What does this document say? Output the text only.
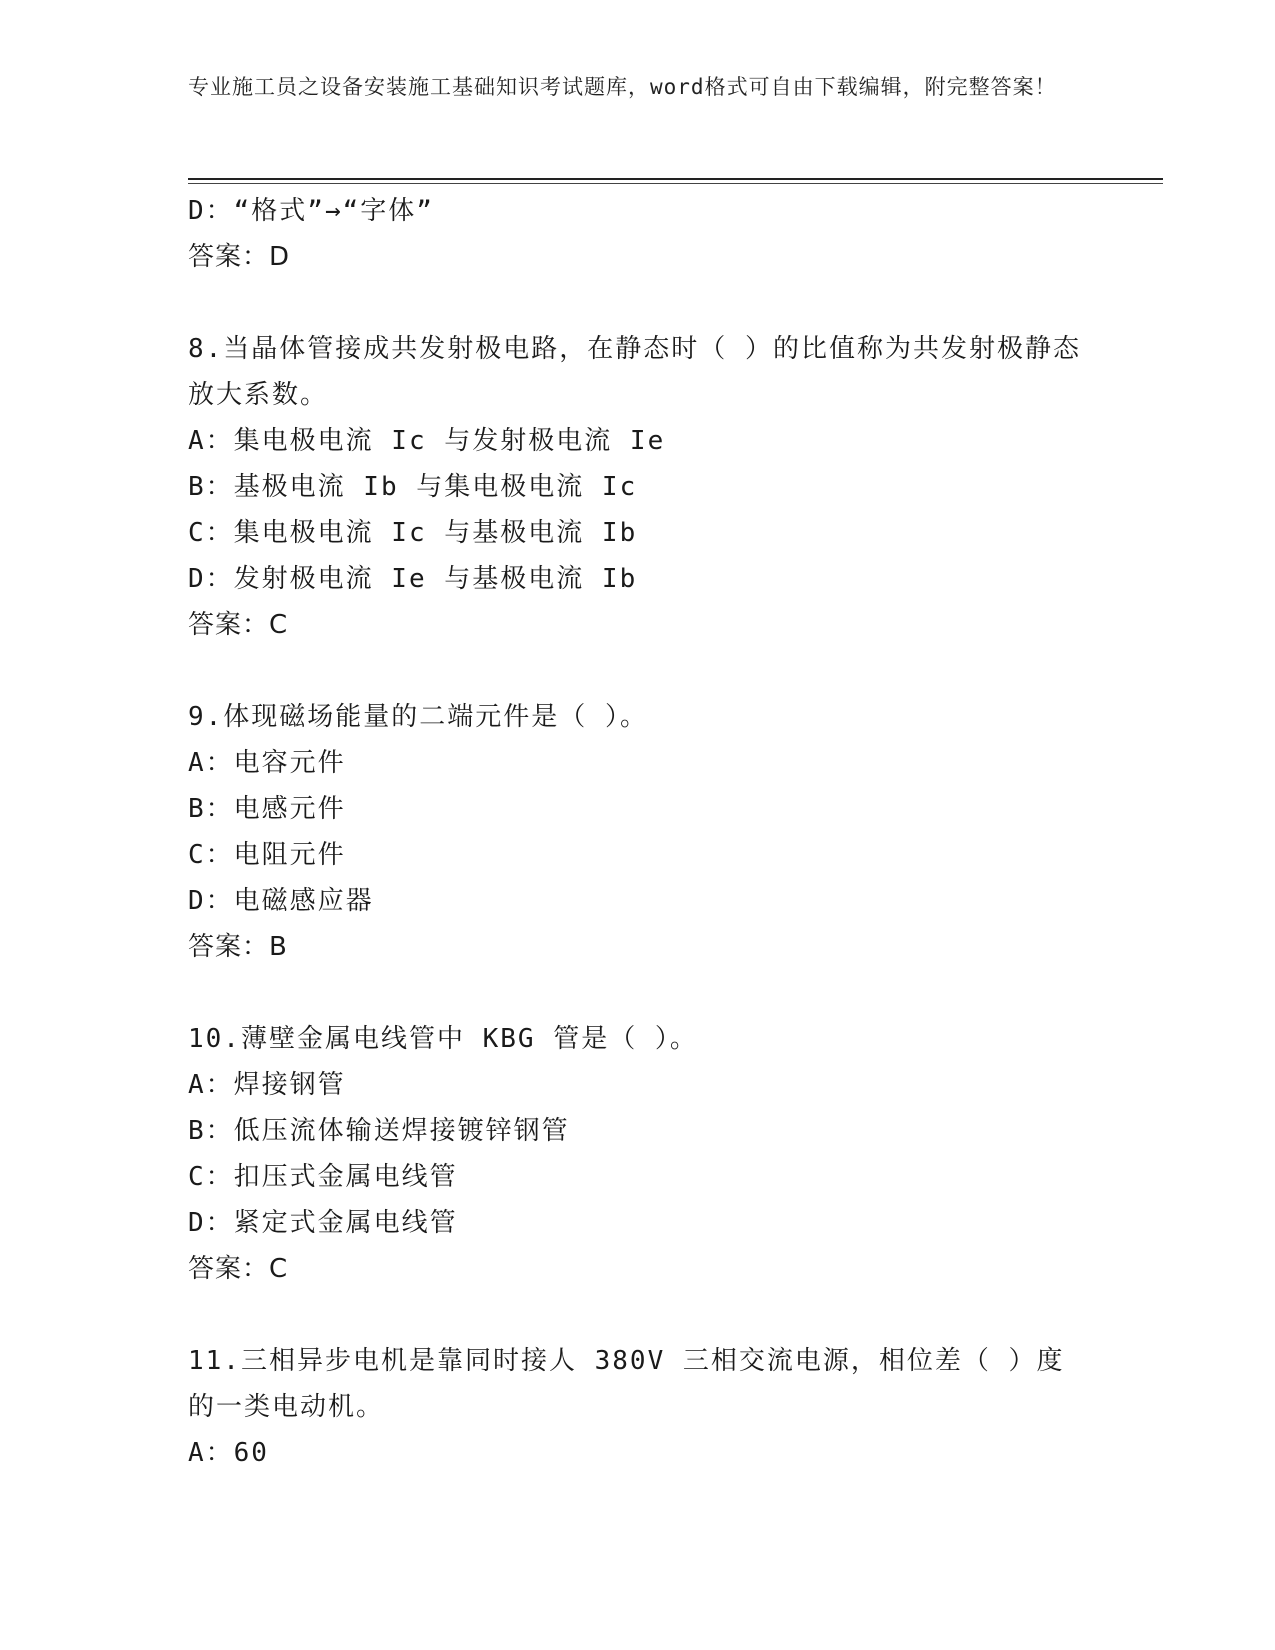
专业施工员之设备安装施工基础知识考试题库，word格式可自由下载编辑，附完整答案！

D：“格式”→“字体”

答案：D

8.当晶体管接成共发射极电路，在静态时（ ）的比值称为共发射极静态放大系数。

A：集电极电流 Ic 与发射极电流 Ie

B：基极电流 Ib 与集电极电流 Ic

C：集电极电流 Ic 与基极电流 Ib

D：发射极电流 Ie 与基极电流 Ib

答案：C

9.体现磁场能量的二端元件是（ ）。

A：电容元件

B：电感元件

C：电阻元件

D：电磁感应器

答案：B

10.薄壁金属电线管中 KBG 管是（ ）。

A：焊接钢管

B：低压流体输送焊接镀锌钢管

C：扣压式金属电线管

D：紧定式金属电线管

答案：C

11.三相异步电机是靠同时接人 380V 三相交流电源，相位差（ ）度的一类电动机。

A：60
